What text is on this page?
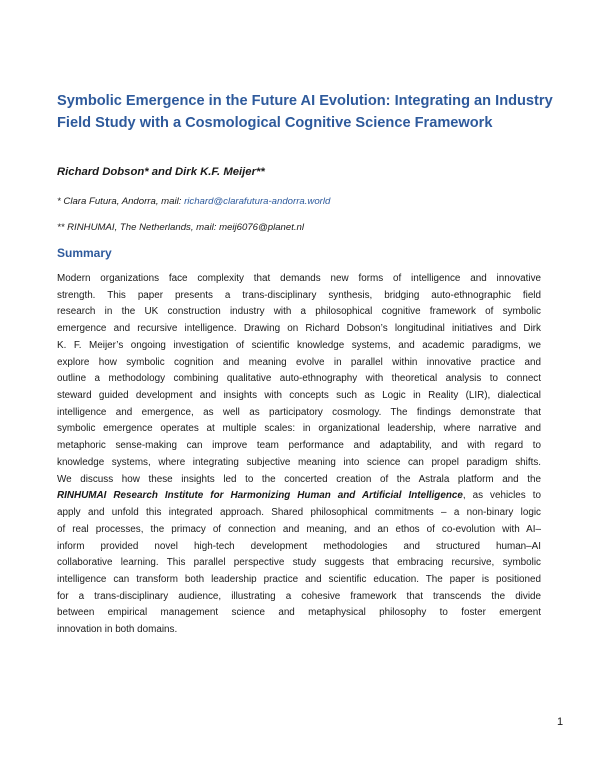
Symbolic Emergence in the Future AI Evolution: Integrating an Industry
Field Study with a Cosmological Cognitive Science Framework

Richard Dobson* and Dirk K.F. Meijer**

* Clara Futura, Andorra, mail: richard@clarafutura-andorra.world

** RINHUMAI, The Netherlands, mail: meij6076@planet.nl

Summary
Modern organizations face complexity that demands new forms of intelligence and innovative
strength. This paper presents a trans-disciplinary synthesis, bridging auto-ethnographic field
research in the UK construction industry with a philosophical cognitive framework of symbolic
emergence and recursive intelligence. Drawing on Richard Dobson’s longitudinal initiatives and Dirk
K. F. Meijer’s ongoing investigation of scientific knowledge systems, and academic paradigms, we
explore how symbolic cognition and meaning evolve in parallel within innovative practice and
outline a methodology combining qualitative auto-ethnography with theoretical analysis to connect
steward guided development and insights with concepts such as Logic in Reality (LIR), dialectical
intelligence and emergence, as well as participatory cosmology. The findings demonstrate that
symbolic emergence operates at multiple scales: in organizational leadership, where narrative and
metaphoric sense-making can improve team performance and adaptability, and with regard to
knowledge systems, where integrating subjective meaning into science can propel paradigm shifts.
We discuss how these insights led to the concerted creation of the Astrala platform and the
RINHUMAI Research Institute for Harmonizing Human and Artificial Intelligence, as vehicles to
apply and unfold this integrated approach. Shared philosophical commitments – a non-binary logic
of real processes, the primacy of connection and meaning, and an ethos of co-evolution with AI–
inform provided novel high-tech development methodologies and structured human–AI
collaborative learning. This parallel perspective study suggests that embracing recursive, symbolic
intelligence can transform both leadership practice and scientific education. The paper is positioned
for a trans-disciplinary audience, illustrating a cohesive framework that transcends the divide
between empirical management science and metaphysical philosophy to foster emergent
innovation in both domains.

1
